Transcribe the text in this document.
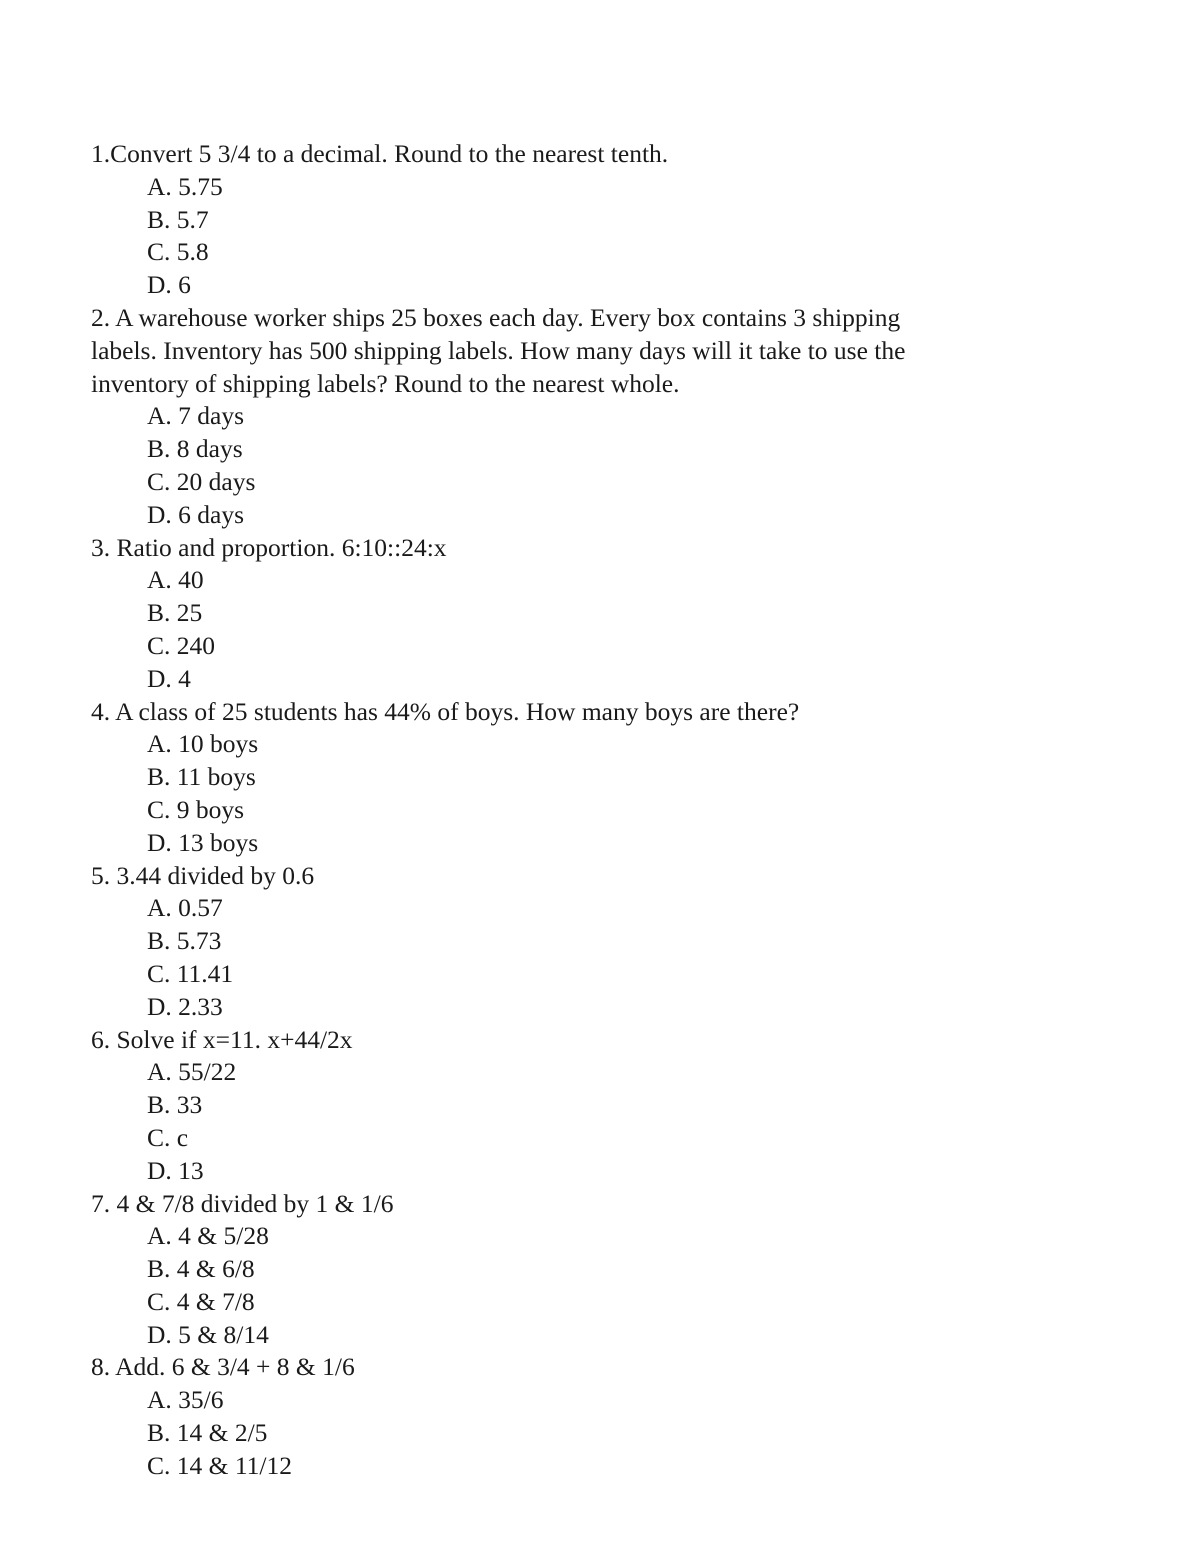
1.Convert 5 3/4 to a decimal. Round to the nearest tenth.

A. 5.75
B. 5.7
C. 5.8
D. 6

2. A warehouse worker ships 25 boxes each day. Every box contains 3 shipping labels. Inventory has 500 shipping labels. How many days will it take to use the inventory of shipping labels? Round to the nearest whole.

A. 7 days
B. 8 days
C. 20 days
D. 6 days

3. Ratio and proportion. 6:10::24:x

A. 40
B. 25
C. 240
D. 4

4. A class of 25 students has 44% of boys. How many boys are there?

A. 10 boys
B. 11 boys
C. 9 boys
D. 13 boys

5. 3.44 divided by 0.6

A. 0.57
B. 5.73
C. 11.41
D. 2.33

6. Solve if x=11. x+44/2x

A. 55/22
B. 33
C. c
D. 13

7. 4 & 7/8 divided by 1 & 1/6

A. 4 & 5/28
B. 4 & 6/8
C. 4 & 7/8
D. 5 & 8/14

8. Add. 6 & 3/4 + 8 & 1/6

A. 35/6
B. 14 & 2/5
C. 14 & 11/12
